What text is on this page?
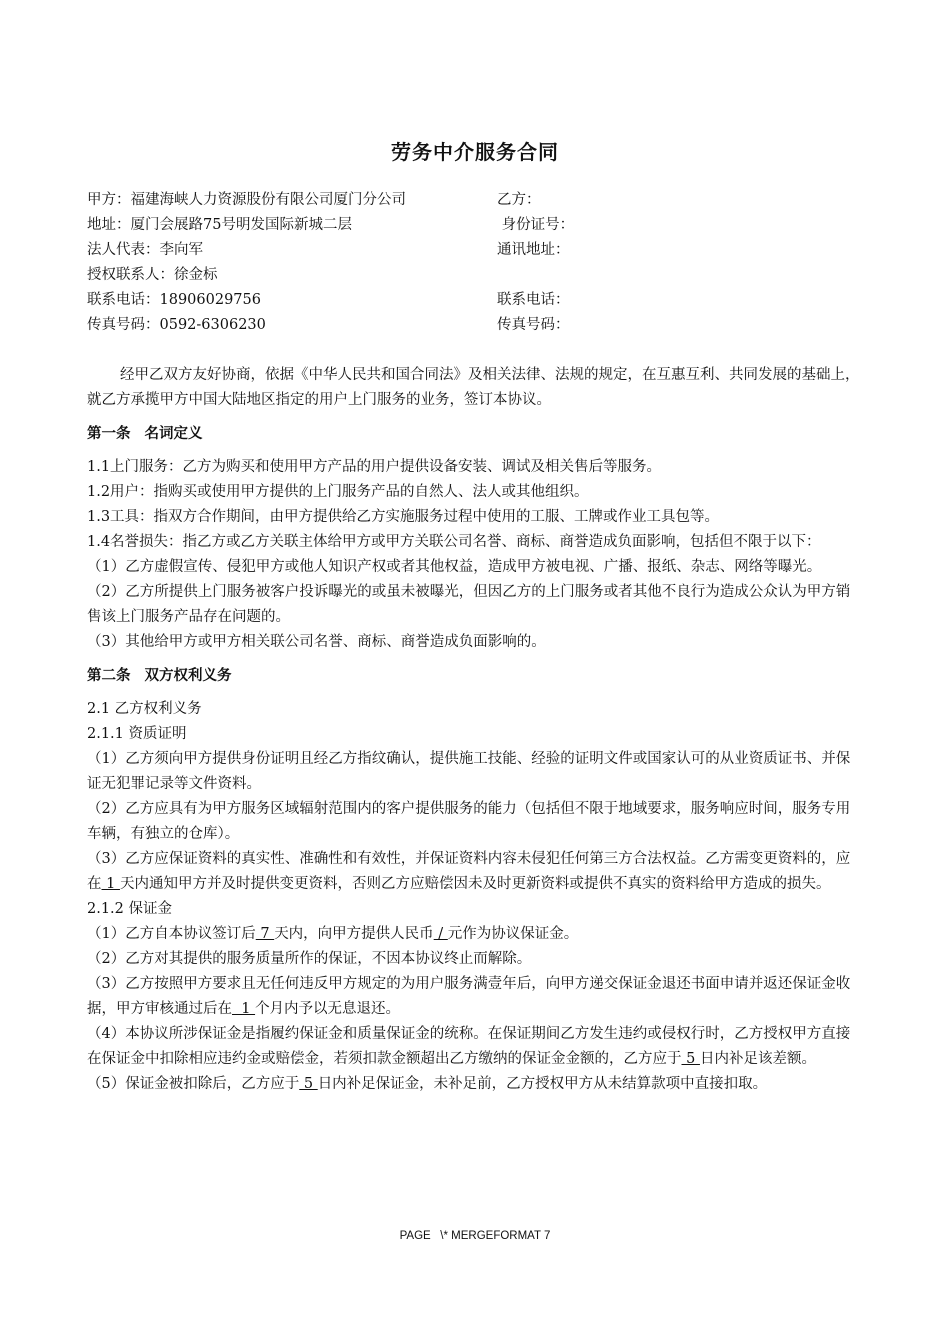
劳务中介服务合同
甲方：福建海峡人力资源股份有限公司厦门分公司	乙方：
地址：厦门会展路75号明发国际新城二层	身份证号：
法人代表：李向军	通讯地址：
授权联系人：徐金标
联系电话：18906029756	联系电话：
传真号码：0592-6306230	传真号码：

经甲乙双方友好协商，依据《中华人民共和国合同法》及相关法律、法规的规定，在互惠互利、共同发展的基础上，就乙方承揽甲方中国大陆地区指定的用户上门服务的业务，签订本协议。

第一条 名词定义

1.1上门服务：乙方为购买和使用甲方产品的用户提供设备安装、调试及相关售后等服务。

1.2用户：指购买或使用甲方提供的上门服务产品的自然人、法人或其他组织。

1.3工具：指双方合作期间，由甲方提供给乙方实施服务过程中使用的工服、工牌或作业工具包等。

1.4名誉损失：指乙方或乙方关联主体给甲方或甲方关联公司名誉、商标、商誉造成负面影响，包括但不限于以下：

（1）乙方虚假宣传、侵犯甲方或他人知识产权或者其他权益，造成甲方被电视、广播、报纸、杂志、网络等曝光。

（2）乙方所提供上门服务被客户投诉曝光的或虽未被曝光，但因乙方的上门服务或者其他不良行为造成公众认为甲方销售该上门服务产品存在问题的。

（3）其他给甲方或甲方相关联公司名誉、商标、商誉造成负面影响的。

第二条 双方权利义务

2.1 乙方权利义务

2.1.1 资质证明

（1）乙方须向甲方提供身份证明且经乙方指纹确认，提供施工技能、经验的证明文件或国家认可的从业资质证书、并保证无犯罪记录等文件资料。

（2）乙方应具有为甲方服务区域辐射范围内的客户提供服务的能力（包括但不限于地域要求，服务响应时间，服务专用车辆，有独立的仓库）。

（3）乙方应保证资料的真实性、准确性和有效性，并保证资料内容未侵犯任何第三方合法权益。乙方需变更资料的，应在 1 天内通知甲方并及时提供变更资料，否则乙方应赔偿因未及时更新资料或提供不真实的资料给甲方造成的损失。

2.1.2 保证金

（1）乙方自本协议签订后 7 天内，向甲方提供人民币 / 元作为协议保证金。

（2）乙方对其提供的服务质量所作的保证，不因本协议终止而解除。

（3）乙方按照甲方要求且无任何违反甲方规定的为用户服务满壹年后，向甲方递交保证金退还书面申请并返还保证金收据，甲方审核通过后在  1 个月内予以无息退还。

（4）本协议所涉保证金是指履约保证金和质量保证金的统称。在保证期间乙方发生违约或侵权行时，乙方授权甲方直接在保证金中扣除相应违约金或赔偿金，若须扣款金额超出乙方缴纳的保证金金额的，乙方应于 5 日内补足该差额。

（5）保证金被扣除后，乙方应于 5 日内补足保证金，未补足前，乙方授权甲方从未结算款项中直接扣取。

PAGE   \* MERGEFORMAT 7
